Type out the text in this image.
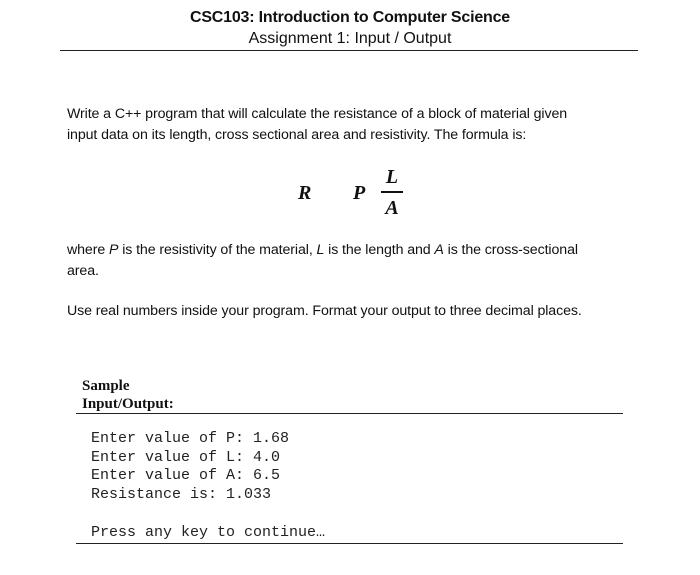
CSC103: Introduction to Computer Science
Assignment 1: Input / Output
Write a C++ program that will calculate the resistance of a block of material given
input data on its length, cross sectional area and resistivity. The formula is:
R P
L
A
where P is the resistivity of the material, L is the length and A is the cross-sectional
area.
Use real numbers inside your program. Format your output to three decimal places.
Sample
Input/Output:
Enter value of P: 1.68
Enter value of L: 4.0
Enter value of A: 6.5
Resistance is: 1.033
Press any key to continue…
